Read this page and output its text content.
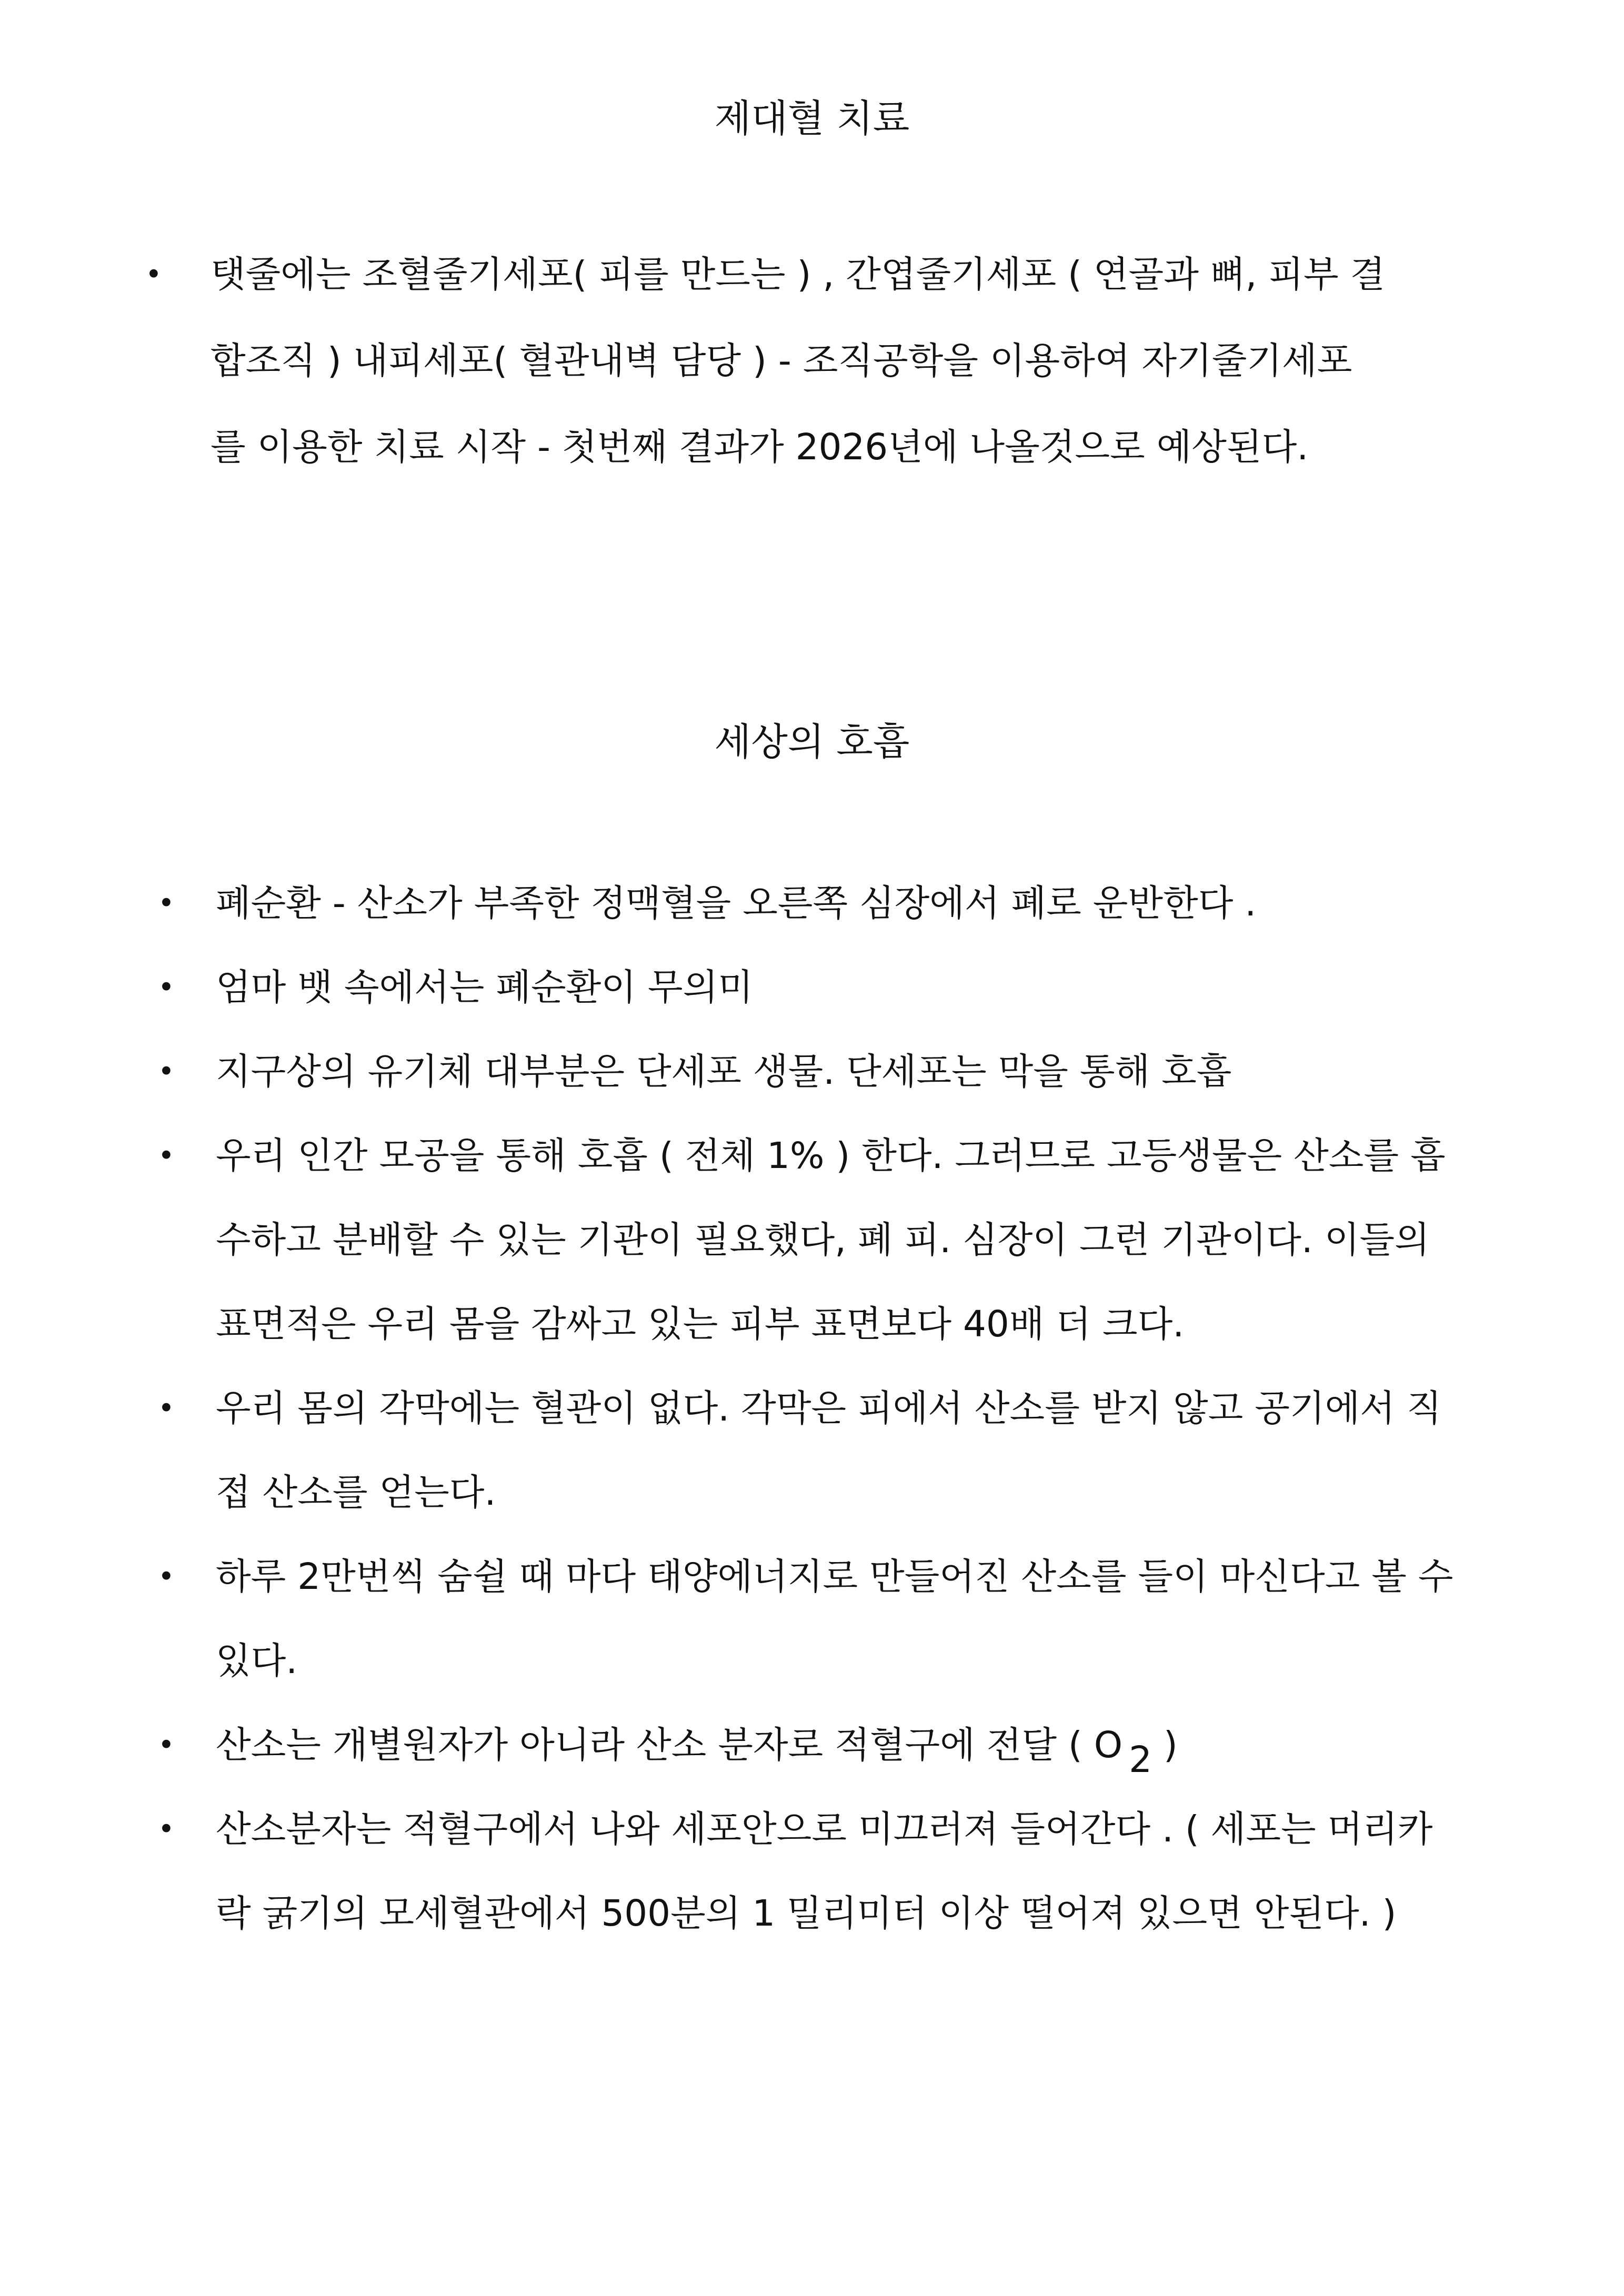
제대혈 치료
• 탯줄에는 조혈줄기세포( 피를 만드는 ) , 간엽줄기세포 ( 연골과 뼈, 피부 결

합조직 ) 내피세포( 혈관내벽 담당 ) - 조직공학을 이용하여 자기줄기세포

를 이용한 치료 시작 - 첫번째 결과가 2026년에 나올것으로 예상된다.

세상의 호흡
• 폐순환 - 산소가 부족한 정맥혈을 오른쪽 심장에서 폐로 운반한다 .

• 엄마 뱃 속에서는 폐순환이 무의미

• 지구상의 유기체 대부분은 단세포 생물. 단세포는 막을 통해 호흡

• 우리 인간 모공을 통해 호흡 ( 전체 1% ) 한다. 그러므로 고등생물은 산소를 흡

수하고 분배할 수 있는 기관이 필요했다, 폐 피. 심장이 그런 기관이다. 이들의

표면적은 우리 몸을 감싸고 있는 피부 표면보다 40배 더 크다.

• 우리 몸의 각막에는 혈관이 없다. 각막은 피에서 산소를 받지 않고 공기에서 직

접 산소를 얻는다.

• 하루 2만번씩 숨쉴 때 마다 태양에너지로 만들어진 산소를 들이 마신다고 볼 수

있다.

• 산소는 개별원자가 아니라 산소 분자로 적혈구에 전달 ( O 2 )

• 산소분자는 적혈구에서 나와 세포안으로 미끄러져 들어간다 . ( 세포는 머리카

락 굵기의 모세혈관에서 500분의 1 밀리미터 이상 떨어져 있으면 안된다. )
